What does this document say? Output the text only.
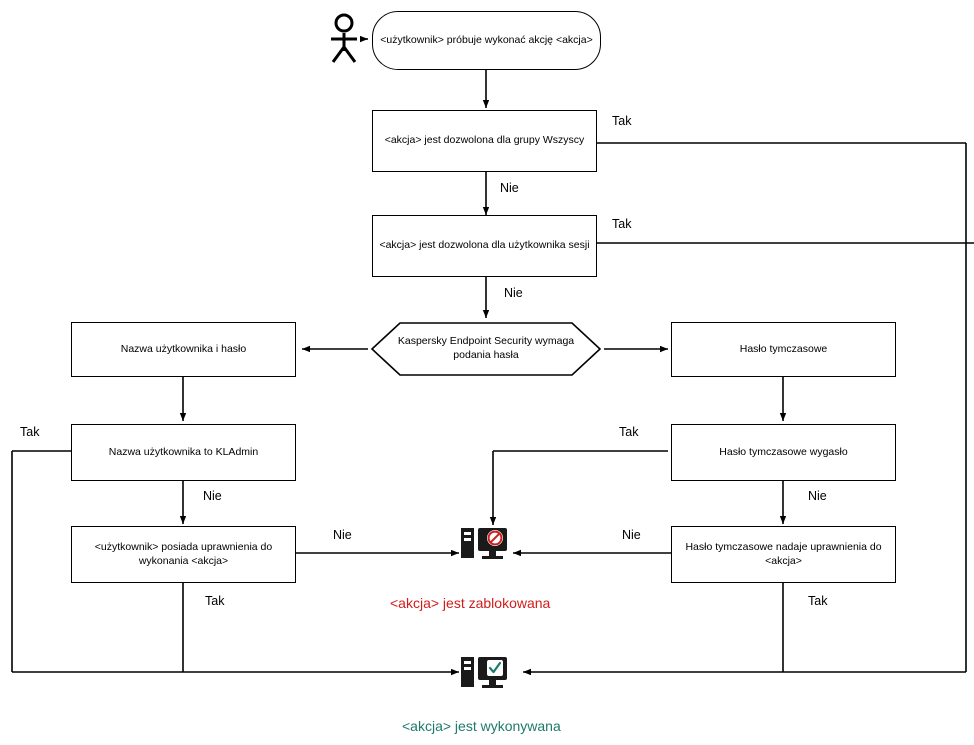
<użytkownik> próbuje wykonać akcję <akcja>
<akcja> jest dozwolona dla grupy Wszyscy
<akcja> jest dozwolona dla użytkownika sesji
Kaspersky Endpoint Security wymaga podania hasła
Nazwa użytkownika i hasło	Hasło tymczasowe
Nazwa użytkownika to KLAdmin	Hasło tymczasowe wygasło
<użytkownik> posiada uprawnienia do wykonania <akcja>
Hasło tymczasowe nadaje uprawnienia do <akcja>
Tak
Nie
Tak
Nie
Tak
Nie
Tak
Nie
Nie	Nie
Tak	Tak
<akcja> jest zablokowana
<akcja> jest wykonywana
